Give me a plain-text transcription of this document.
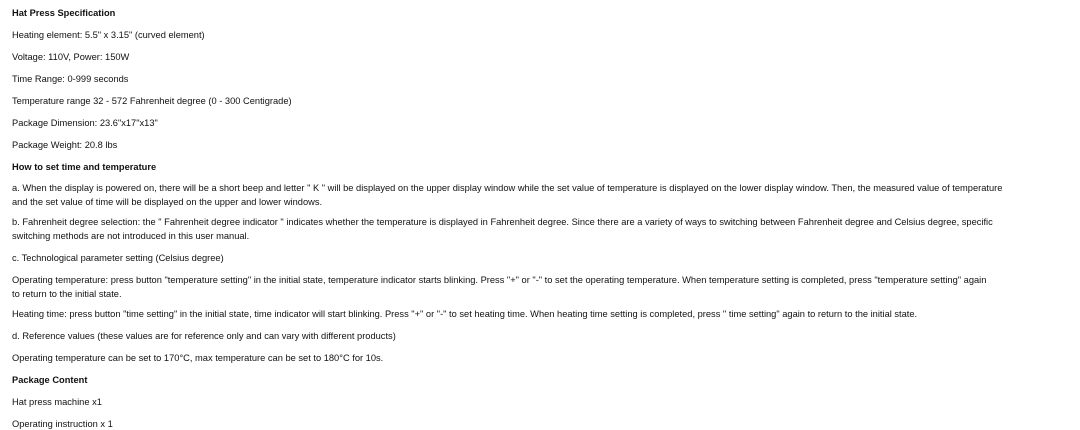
Hat Press Specification
Heating element: 5.5" x 3.15" (curved element)
Voltage: 110V, Power: 150W
Time Range: 0-999 seconds
Temperature range 32 - 572 Fahrenheit degree (0 - 300 Centigrade)
Package Dimension: 23.6"x17"x13"
Package Weight: 20.8 lbs
How to set time and temperature
a. When the display is powered on, there will be a short beep and letter " K " will be displayed on the upper display window while the set value of temperature is displayed on the lower display window. Then, the measured value of temperature
and the set value of time will be displayed on the upper and lower windows.
b. Fahrenheit degree selection: the " Fahrenheit degree indicator " indicates whether the temperature is displayed in Fahrenheit degree. Since there are a variety of ways to switching between Fahrenheit degree and Celsius degree, specific
switching methods are not introduced in this user manual.
c. Technological parameter setting (Celsius degree)
Operating temperature: press button "temperature setting" in the initial state, temperature indicator starts blinking. Press "+" or "-" to set the operating temperature. When temperature setting is completed, press "temperature setting" again
to return to the initial state.
Heating time: press button "time setting" in the initial state, time indicator will start blinking. Press "+" or "-" to set heating time. When heating time setting is completed, press " time setting" again to return to the initial state.
d. Reference values (these values are for reference only and can vary with different products)
Operating temperature can be set to 170°C, max temperature can be set to 180°C for 10s.
Package Content
Hat press machine x1
Operating instruction x 1
